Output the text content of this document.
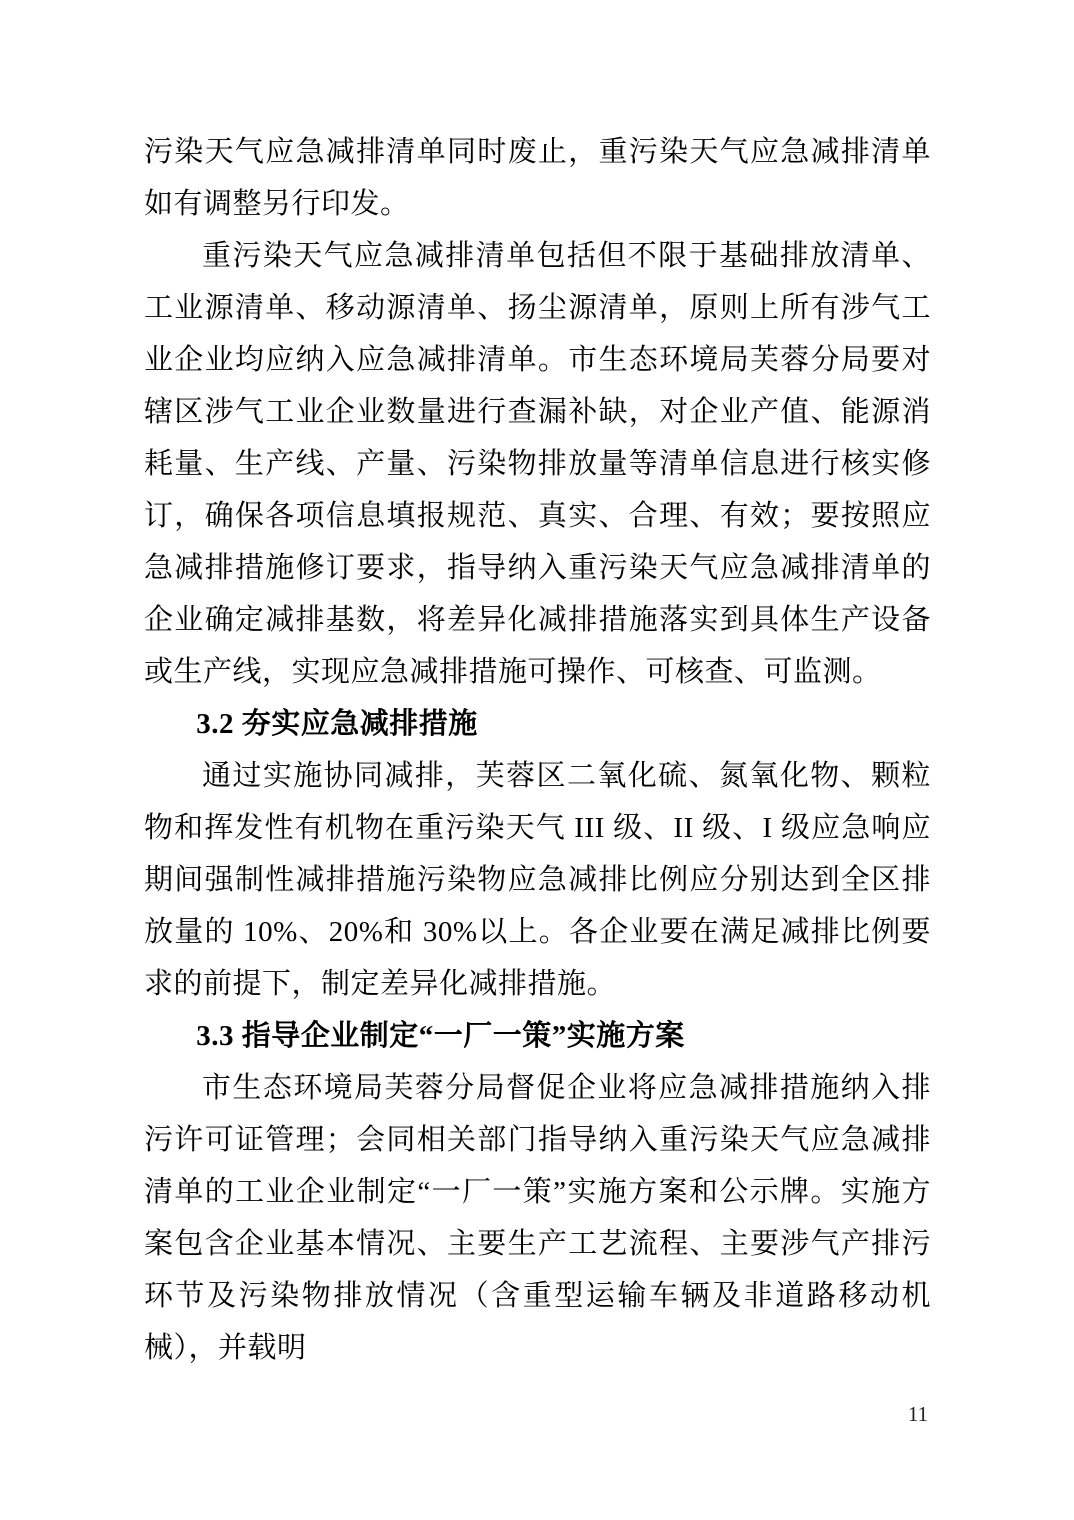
污染天气应急减排清单同时废止，重污染天气应急减排清单如有调整另行印发。

重污染天气应急减排清单包括但不限于基础排放清单、工业源清单、移动源清单、扬尘源清单，原则上所有涉气工业企业均应纳入应急减排清单。市生态环境局芙蓉分局要对辖区涉气工业企业数量进行查漏补缺，对企业产值、能源消耗量、生产线、产量、污染物排放量等清单信息进行核实修订，确保各项信息填报规范、真实、合理、有效；要按照应急减排措施修订要求，指导纳入重污染天气应急减排清单的企业确定减排基数，将差异化减排措施落实到具体生产设备或生产线，实现应急减排措施可操作、可核查、可监测。

3.2 夯实应急减排措施

通过实施协同减排，芙蓉区二氧化硫、氮氧化物、颗粒物和挥发性有机物在重污染天气 III 级、II 级、I 级应急响应期间强制性减排措施污染物应急减排比例应分别达到全区排放量的 10%、20%和 30%以上。各企业要在满足减排比例要求的前提下，制定差异化减排措施。

3.3 指导企业制定“一厂一策”实施方案

市生态环境局芙蓉分局督促企业将应急减排措施纳入排污许可证管理；会同相关部门指导纳入重污染天气应急减排清单的工业企业制定“一厂一策”实施方案和公示牌。实施方案包含企业基本情况、主要生产工艺流程、主要涉气产排污环节及污染物排放情况（含重型运输车辆及非道路移动机械），并载明

11
